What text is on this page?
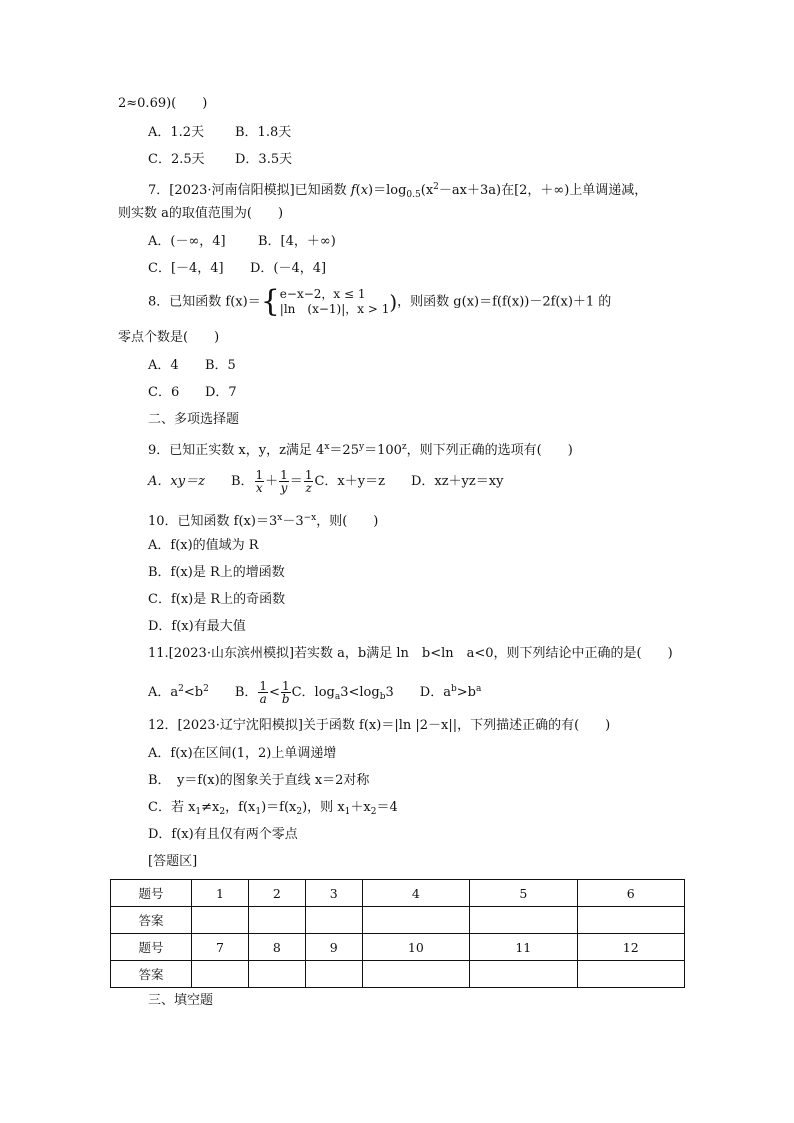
2≈0.69)(　　)
A．1.2天 B．1.8天
C．2.5天 D．3.5天
7．[2023·河南信阳模拟]已知函数 $f(x)=\log_{0.5}(x^2-ax+3a)$在[2，＋∞)上单调递减，
则实数 a的取值范围为(　　)
A．(－∞，4] B．[4，＋∞)
C．[－4，4] D．(－4，4]
8．已知函数 f(x)＝{ e−x−2，x ≤ 1
|ln　(x−1)|，x > 1 )，则函数 g(x)＝f(f(x))－2f(x)＋1 的
零点个数是(　　)
A．4 B．5
C．6 D．7
二、多项选择题
9．已知正实数 x，y，z满足 $4^x=25^y=100^z$，则下列正确的选项有(　　)
A．xy＝z　　 B． $\frac{1}{x} + \frac{1}{y} = \frac{1}{z}$ C．x＋y＝z　　 D．xz＋yz＝xy
10．已知函数 $f(x)=3^x-3^{-x}$，则(　　)
A．f(x)的值域为 R
B．f(x)是 R上的增函数
C．f(x)是 R上的奇函数
D．f(x)有最大值
11.[2023·山东滨州模拟]若实数 a，b满足 ln　b<ln　a<0，则下列结论中正确的是(　　)
A．$a^2<b^2$　　 B． $\frac{1}{a} < \frac{1}{b}$ C．$\log_a3<\log_b3$　　 D．$a^b>b^a$
12．[2023·辽宁沈阳模拟]关于函数 f(x)＝|ln |2－x||，下列描述正确的有(　　)
A．f(x)在区间(1，2)上单调递增
B．　y＝f(x)的图象关于直线 x＝2对称
C．若 $x_1\ne x_2$，$f(x_1)=f(x_2)$，则 $x_1+x_2=4$
D．f(x)有且仅有两个零点
[答题区]
题号	1	2	3	4	5	6
答案						
题号	7	8	9	10	11	12
答案						
三、填空题
